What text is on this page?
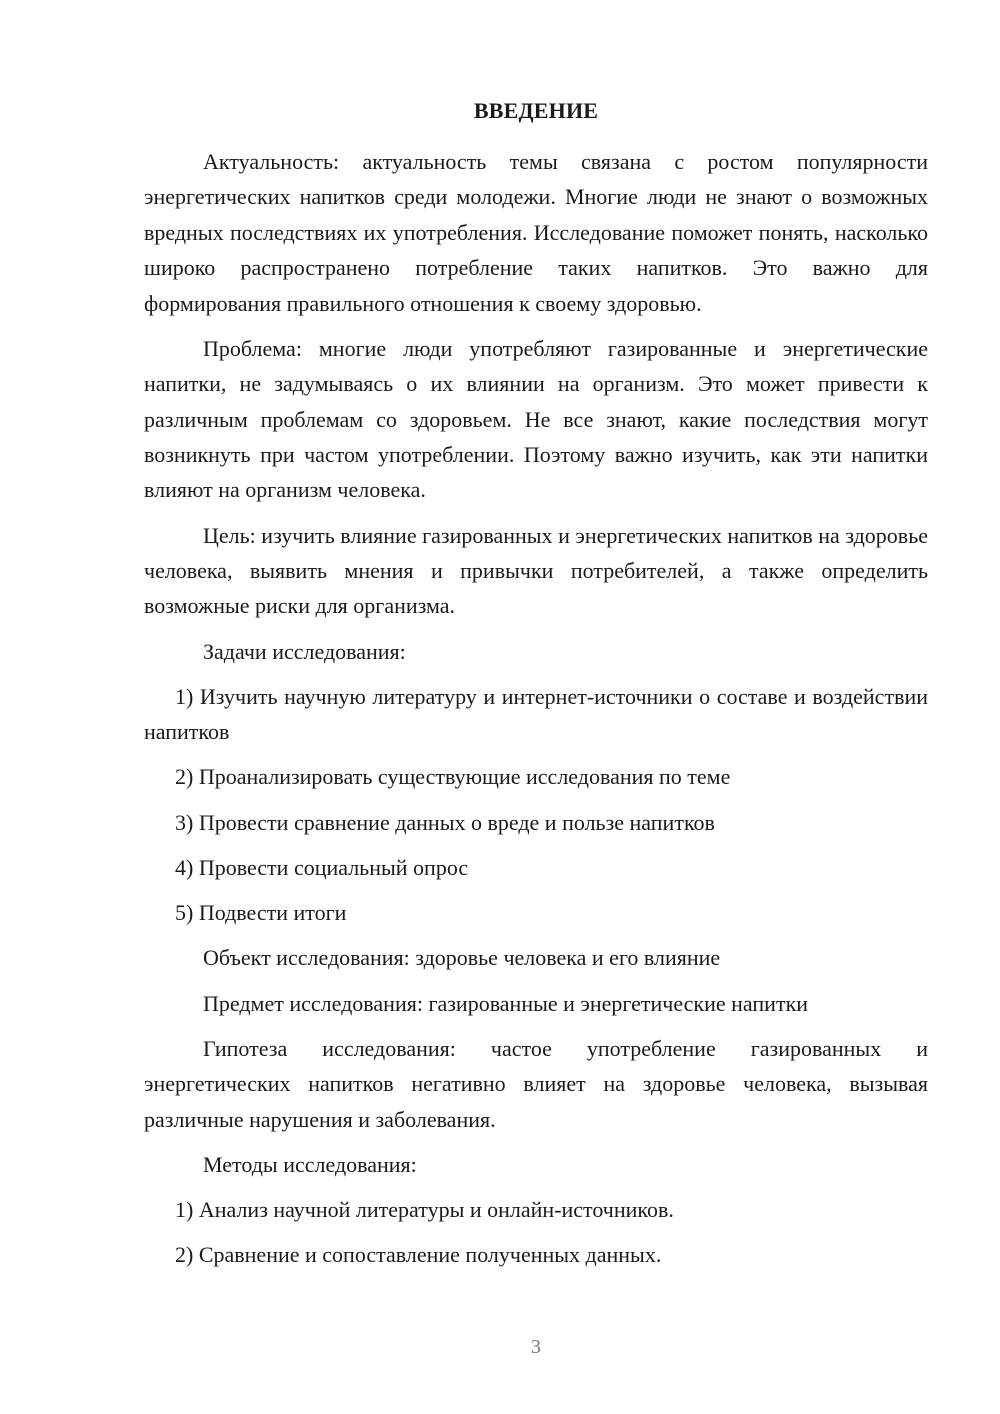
ВВЕДЕНИЕ

Актуальность: актуальность темы связана с ростом популярности энергетических напитков среди молодежи. Многие люди не знают о возможных вредных последствиях их употребления. Исследование поможет понять, насколько широко распространено потребление таких напитков. Это важно для формирования правильного отношения к своему здоровью.

Проблема: многие люди употребляют газированные и энергетические напитки, не задумываясь о их влиянии на организм. Это может привести к различным проблемам со здоровьем. Не все знают, какие последствия могут возникнуть при частом употреблении. Поэтому важно изучить, как эти напитки влияют на организм человека.

Цель: изучить влияние газированных и энергетических напитков на здоровье человека, выявить мнения и привычки потребителей, а также определить возможные риски для организма.

Задачи исследования:

1) Изучить научную литературу и интернет-источники о составе и воздействии напитков

2) Проанализировать существующие исследования по теме

3) Провести сравнение данных о вреде и пользе напитков

4) Провести социальный опрос

5) Подвести итоги

Объект исследования: здоровье человека и его влияние

Предмет исследования: газированные и энергетические напитки

Гипотеза исследования: частое употребление газированных и энергетических напитков негативно влияет на здоровье человека, вызывая различные нарушения и заболевания.

Методы исследования:

1) Анализ научной литературы и онлайн-источников.

2) Сравнение и сопоставление полученных данных.

3
